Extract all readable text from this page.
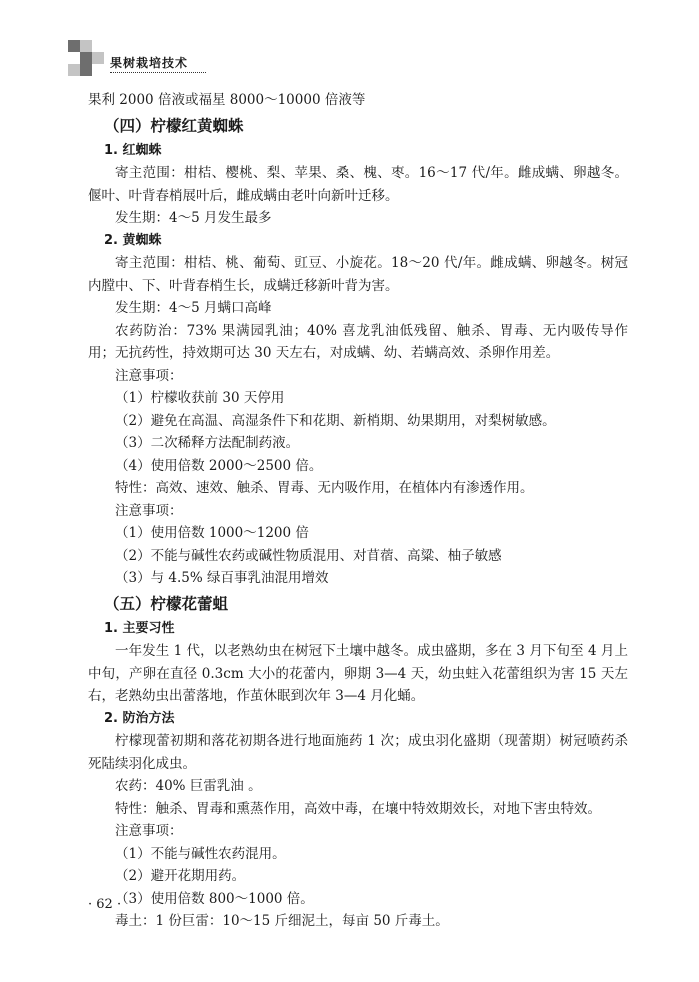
果树栽培技术
果利 2000 倍液或福星 8000～10000 倍液等
（四）柠檬红黄蜘蛛
1. 红蜘蛛
寄主范围：柑桔、樱桃、梨、苹果、桑、槐、枣。16～17 代/年。雌成螨、卵越冬。偃叶、叶背春梢展叶后，雌成螨由老叶向新叶迁移。
发生期：4～5 月发生最多
2. 黄蜘蛛
寄主范围：柑桔、桃、葡萄、豇豆、小旋花。18～20 代/年。雌成螨、卵越冬。树冠内膛中、下、叶背春梢生长，成螨迁移新叶背为害。
发生期：4～5 月螨口高峰
农药防治：73% 果满园乳油；40% 喜龙乳油低残留、触杀、胃毒、无内吸传导作用；无抗药性，持效期可达 30 天左右，对成螨、幼、若螨高效、杀卵作用差。
注意事项：
（1）柠檬收获前 30 天停用
（2）避免在高温、高湿条件下和花期、新梢期、幼果期用，对梨树敏感。
（3）二次稀释方法配制药液。
（4）使用倍数 2000～2500 倍。
特性：高效、速效、触杀、胃毒、无内吸作用，在植体内有渗透作用。
注意事项：
（1）使用倍数 1000～1200 倍
（2）不能与碱性农药或碱性物质混用、对苜蓿、高粱、柚子敏感
（3）与 4.5% 绿百事乳油混用增效
（五）柠檬花蕾蛆
1. 主要习性
一年发生 1 代，以老熟幼虫在树冠下土壤中越冬。成虫盛期，多在 3 月下旬至 4 月上中旬，产卵在直径 0.3cm 大小的花蕾内，卵期 3—4 天，幼虫蛀入花蕾组织为害 15 天左右，老熟幼虫出蕾落地，作茧休眠到次年 3—4 月化蛹。
2. 防治方法
柠檬现蕾初期和落花初期各进行地面施药 1 次；成虫羽化盛期（现蕾期）树冠喷药杀死陆续羽化成虫。
农药：40% 巨雷乳油 。
特性：触杀、胃毒和熏蒸作用，高效中毒，在壤中特效期效长，对地下害虫特效。
注意事项：
（1）不能与碱性农药混用。
（2）避开花期用药。
（3）使用倍数 800～1000 倍。
毒土：1 份巨雷：10～15 斤细泥土，每亩 50 斤毒土。
· 62 ·
